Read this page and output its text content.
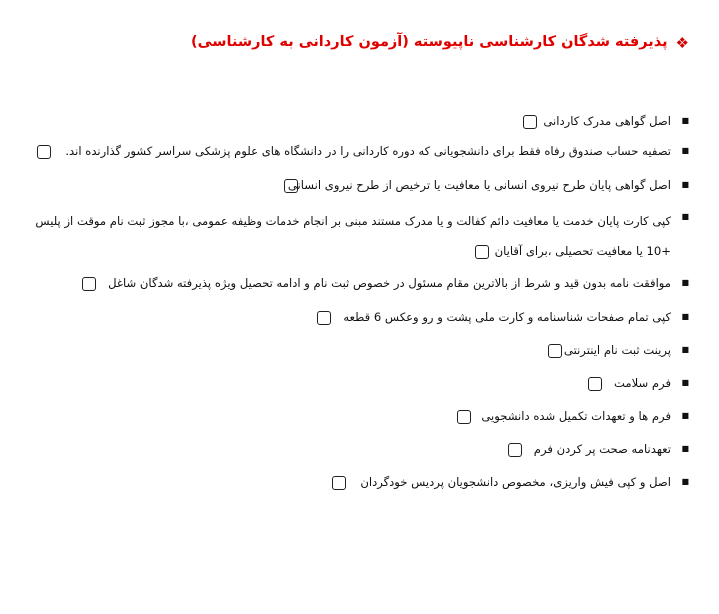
❖
پذیرفته شدگان کارشناسی ناپیوسته (آزمون کاردانی به کارشناسی)
■
اصل گواهی مدرک کاردانی
■
تصفیه حساب صندوق رفاه فقط برای دانشجویانی که دوره کاردانی را در دانشگاه های علوم پزشکی سراسر کشور گذارنده اند.
■
اصل گواهی پایان طرح نیروی انسانی یا معافیت یا ترخیص از طرح نیروی انسانی
■
کپی کارت پایان خدمت یا معافیت دائم کفالت و یا مدرک مستند مبنی بر انجام خدمات وظیفه عمومی ،با مجوز ثبت نام موقت از پلیس +10 یا معافیت تحصیلی ،برای آقایان
■
موافقت نامه بدون قید و شرط از بالاترین مقام مسئول در خصوص ثبت نام و ادامه تحصیل ویژه پذیرفته شدگان شاغل
■
کپی تمام صفحات شناسنامه و کارت ملی پشت و رو وعکس 6 قطعه
■
پرینت ثبت نام اینترنتی
■
فرم سلامت
■
فرم ها و تعهدات تکمیل شده دانشجویی
■
تعهدنامه صحت پر کردن فرم
■
اصل و کپی فیش واریزی، مخصوص دانشجویان پردیس خودگردان
